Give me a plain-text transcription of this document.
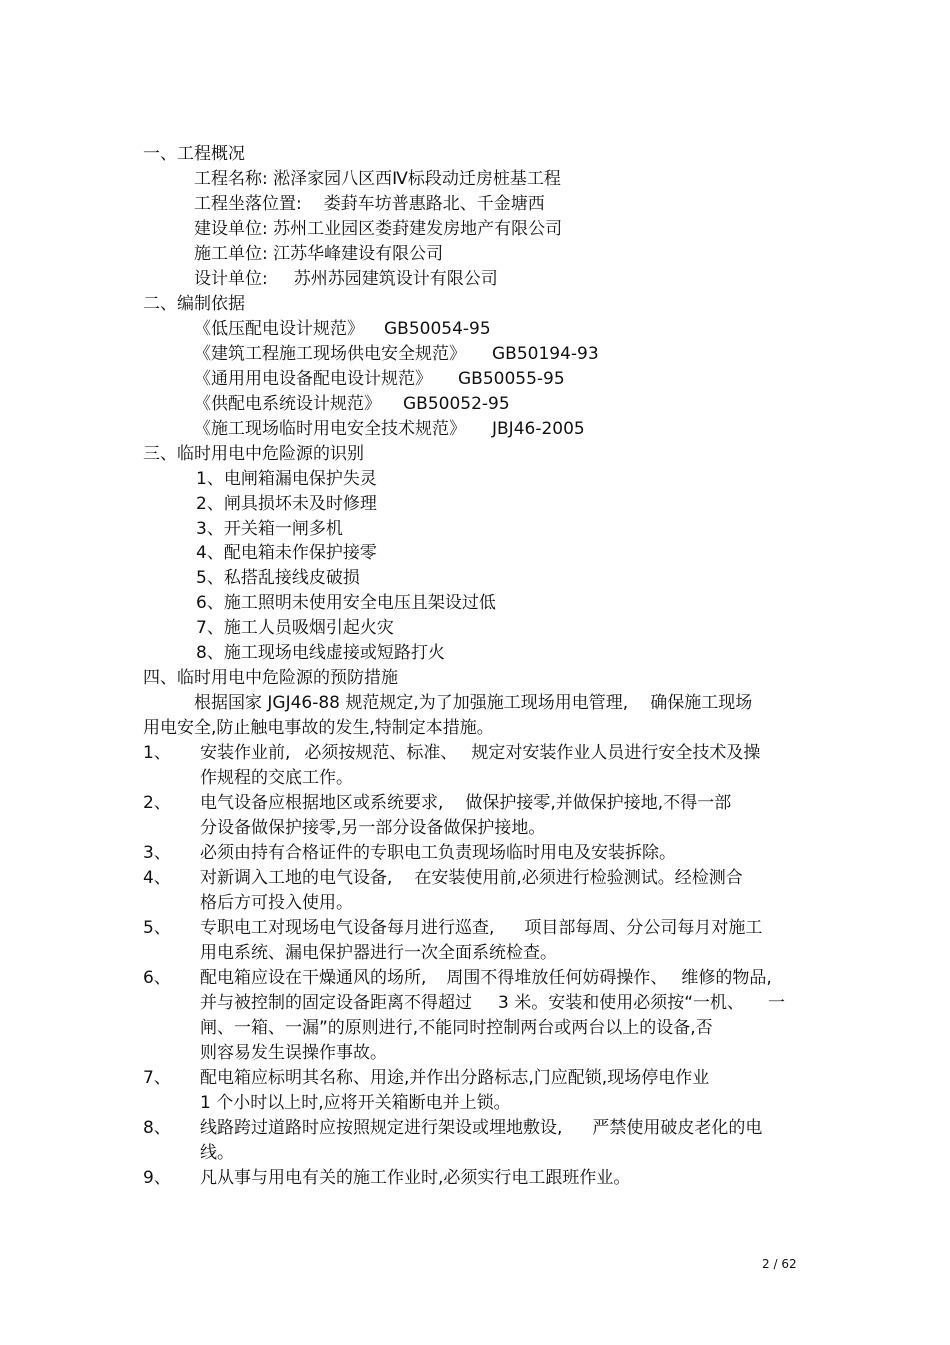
一、工程概况
工程名称: 淞泽家园八区西Ⅳ标段动迁房桩基工程
工程坐落位置: 娄葑车坊普惠路北、千金塘西
建设单位: 苏州工业园区娄葑建发房地产有限公司
施工单位: 江苏华峰建设有限公司
设计单位: 苏州苏园建筑设计有限公司
二、编制依据
《低压配电设计规范》 GB50054-95
《建筑工程施工现场供电安全规范》 GB50194-93
《通用用电设备配电设计规范》 GB50055-95
《供配电系统设计规范》 GB50052-95
《施工现场临时用电安全技术规范》 JBJ46-2005
三、临时用电中危险源的识别
1、电闸箱漏电保护失灵
2、闸具损坏未及时修理
3、开关箱一闸多机
4、配电箱未作保护接零
5、私搭乱接线皮破损
6、施工照明未使用安全电压且架设过低
7、施工人员吸烟引起火灾
8、施工现场电线虚接或短路打火
四、临时用电中危险源的预防措施
根据国家 JGJ46-88 规范规定,为了加强施工现场用电管理, 确保施工现场
用电安全,防止触电事故的发生,特制定本措施。
1、 安装作业前, 必须按规范、标准、 规定对安装作业人员进行安全技术及操
作规程的交底工作。
2、 电气设备应根据地区或系统要求, 做保护接零,并做保护接地,不得一部
分设备做保护接零,另一部分设备做保护接地。
3、 必须由持有合格证件的专职电工负责现场临时用电及安装拆除。
4、 对新调入工地的电气设备, 在安装使用前,必须进行检验测试。经检测合
格后方可投入使用。
5、 专职电工对现场电气设备每月进行巡查, 项目部每周、分公司每月对施工
用电系统、漏电保护器进行一次全面系统检查。
6、 配电箱应设在干燥通风的场所, 周围不得堆放任何妨碍操作、 维修的物品,
并与被控制的固定设备距离不得超过 3 米。安装和使用必须按“一机、 一
闸、一箱、一漏”的原则进行,不能同时控制两台或两台以上的设备,否
则容易发生误操作事故。
7、 配电箱应标明其名称、用途,并作出分路标志,门应配锁,现场停电作业
1 个小时以上时,应将开关箱断电并上锁。
8、 线路跨过道路时应按照规定进行架设或埋地敷设, 严禁使用破皮老化的电
线。
9、 凡从事与用电有关的施工作业时,必须实行电工跟班作业。
2 / 62
